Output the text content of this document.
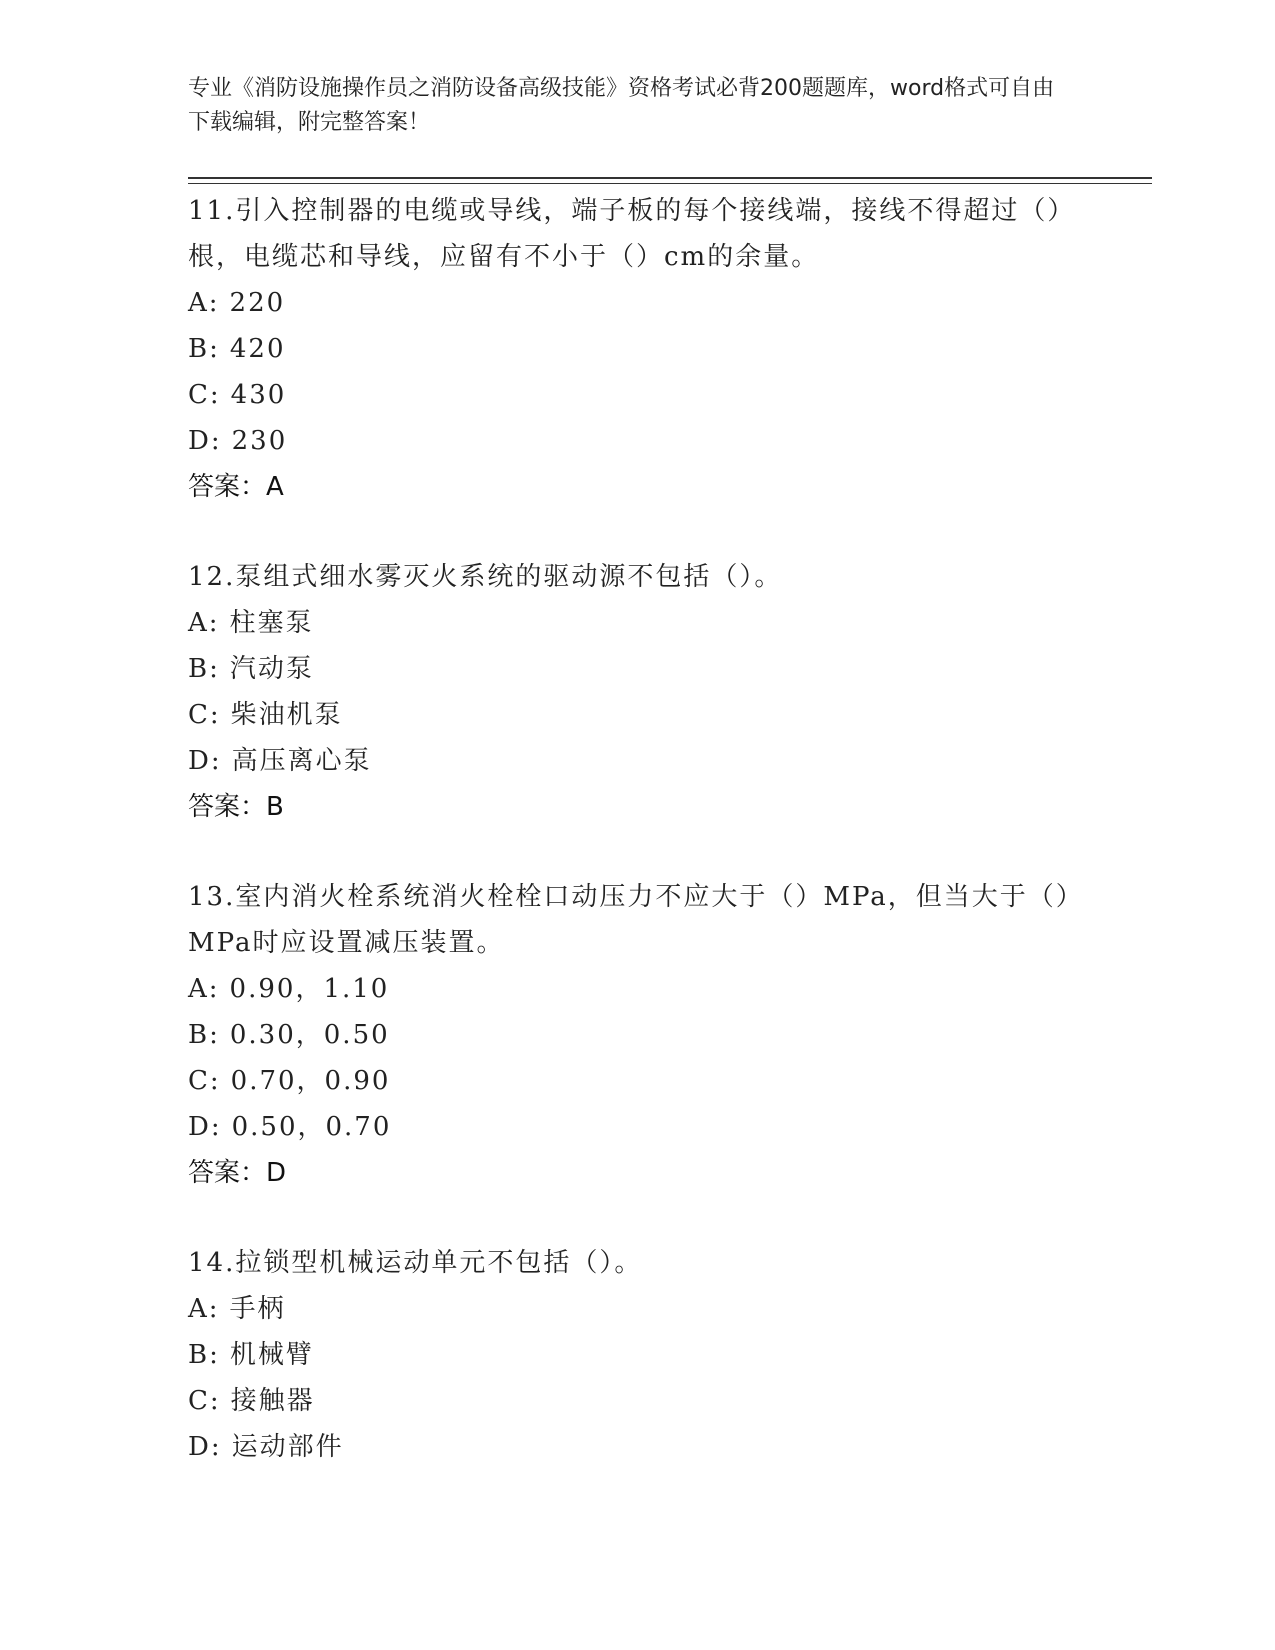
专业《消防设施操作员之消防设备高级技能》资格考试必背200题题库，word格式可自由下载编辑，附完整答案！

11.引入控制器的电缆或导线，端子板的每个接线端，接线不得超过（）根，电缆芯和导线，应留有不小于（）cm的余量。

A: 220

B: 420

C: 430

D: 230

答案：A

12.泵组式细水雾灭火系统的驱动源不包括（）。

A: 柱塞泵

B: 汽动泵

C: 柴油机泵

D: 高压离心泵

答案：B

13.室内消火栓系统消火栓栓口动压力不应大于（）MPa，但当大于（）MPa时应设置减压装置。

A: 0.90，1.10

B: 0.30，0.50

C: 0.70，0.90

D: 0.50，0.70

答案：D

14.拉锁型机械运动单元不包括（）。

A: 手柄

B: 机械臂

C: 接触器

D: 运动部件
